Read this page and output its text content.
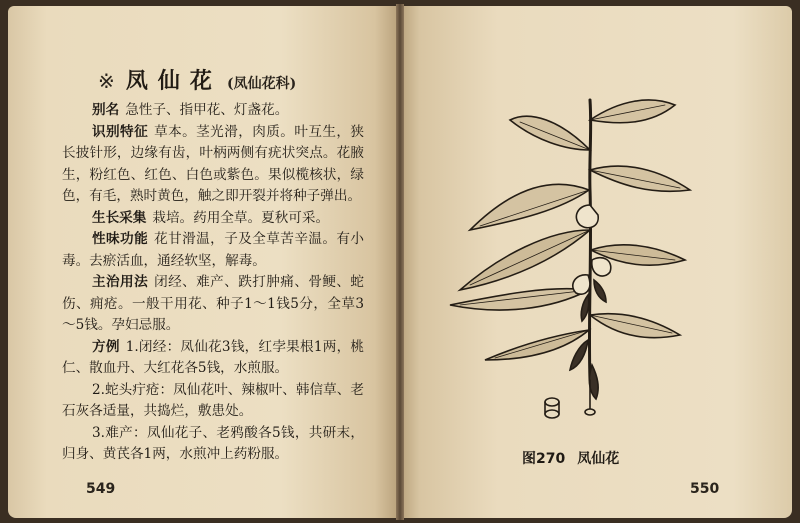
※ 凤仙花 (凤仙花科)

别名 急性子、指甲花、灯盏花。

识别特征 草本。茎光滑，肉质。叶互生，狭长披针形，边缘有齿，叶柄两侧有疣状突点。花腋生，粉红色、红色、白色或紫色。果似榄核状，绿色，有毛，熟时黄色，触之即开裂并将种子弹出。

生长采集 栽培。药用全草。夏秋可采。

性味功能 花甘滑温，子及全草苦辛温。有小毒。去瘀活血，通经软坚，解毒。

主治用法 闭经、难产、跌打肿痛、骨鲠、蛇伤、痈疮。一般干用花、种子1～1钱5分，全草3～5钱。孕妇忌服。

方例 1.闭经：凤仙花3钱，红孛果根1两，桃仁、散血丹、大红花各5钱，水煎服。

2.蛇头疔疮：凤仙花叶、辣椒叶、韩信草、老石灰各适量，共捣烂，敷患处。

3.难产：凤仙花子、老鸦酸各5钱，共研末，归身、黄芪各1两，水煎冲上药粉服。

549
图270 凤仙花
550
